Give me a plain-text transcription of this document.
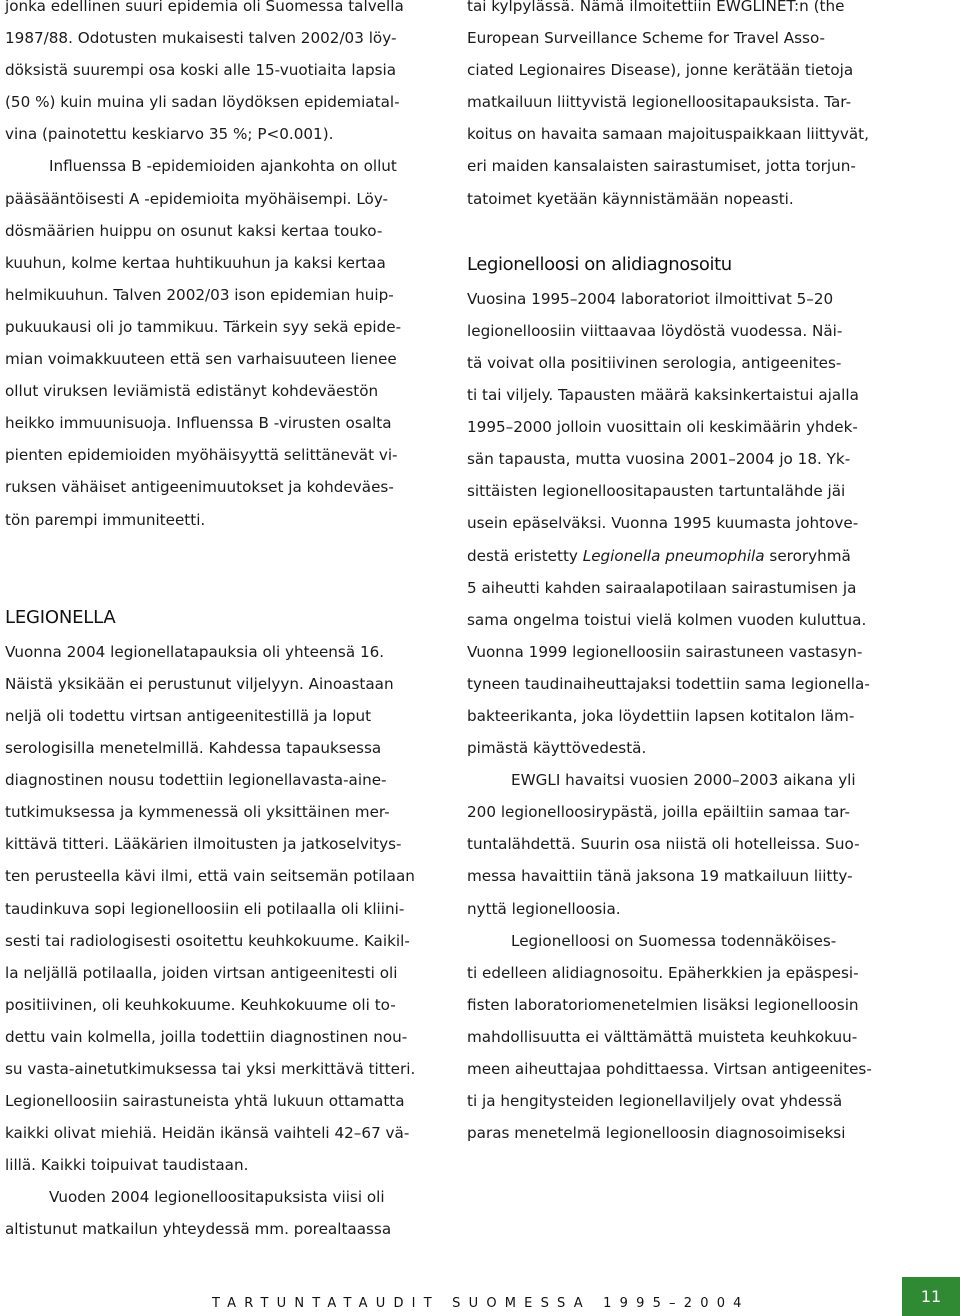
jonka edellinen suuri epidemia oli Suomessa talvella
1987/88. Odotusten mukaisesti talven 2002/03 löy-
döksistä suurempi osa koski alle 15-vuotiaita lapsia
(50 %) kuin muina yli sadan löydöksen epidemiatal-
vina (painotettu keskiarvo 35 %; P<0.001).
Influenssa B -epidemioiden ajankohta on ollut
pääsääntöisesti A -epidemioita myöhäisempi. Löy-
dösmäärien huippu on osunut kaksi kertaa touko-
kuuhun, kolme kertaa huhtikuuhun ja kaksi kertaa
helmikuuhun. Talven 2002/03 ison epidemian huip-
pukuukausi oli jo tammikuu. Tärkein syy sekä epide-
mian voimakkuuteen että sen varhaisuuteen lienee
ollut viruksen leviämistä edistänyt kohdeväestön
heikko immuunisuoja. Influenssa B -virusten osalta
pienten epidemioiden myöhäisyyttä selittänevät vi-
ruksen vähäiset antigeenimuutokset ja kohdeväes-
tön parempi immuniteetti.
LEGIONELLA
Vuonna 2004 legionellatapauksia oli yhteensä 16.
Näistä yksikään ei perustunut viljelyyn. Ainoastaan
neljä oli todettu virtsan antigeenitestillä ja loput
serologisilla menetelmillä. Kahdessa tapauksessa
diagnostinen nousu todettiin legionellavasta-aine-
tutkimuksessa ja kymmenessä oli yksittäinen mer-
kittävä titteri. Lääkärien ilmoitusten ja jatkoselvitys-
ten perusteella kävi ilmi, että vain seitsemän potilaan
taudinkuva sopi legionelloosiin eli potilaalla oli kliini-
sesti tai radiologisesti osoitettu keuhkokuume. Kaikil-
la neljällä potilaalla, joiden virtsan antigeenitesti oli
positiivinen, oli keuhkokuume. Keuhkokuume oli to-
dettu vain kolmella, joilla todettiin diagnostinen nou-
su vasta-ainetutkimuksessa tai yksi merkittävä titteri.
Legionelloosiin sairastuneista yhtä lukuun ottamatta
kaikki olivat miehiä. Heidän ikänsä vaihteli 42–67 vä-
lillä. Kaikki toipuivat taudistaan.
Vuoden 2004 legionelloositapuksista viisi oli
altistunut matkailun yhteydessä mm. porealtaassa
tai kylpylässä. Nämä ilmoitettiin EWGLINET:n (the
European Surveillance Scheme for Travel Asso-
ciated Legionaires Disease), jonne kerätään tietoja
matkailuun liittyvistä legionelloositapauksista. Tar-
koitus on havaita samaan majoituspaikkaan liittyvät,
eri maiden kansalaisten sairastumiset, jotta torjun-
tatoimet kyetään käynnistämään nopeasti.
Legionelloosi on alidiagnosoitu
Vuosina 1995–2004 laboratoriot ilmoittivat 5–20
legionelloosiin viittaavaa löydöstä vuodessa. Näi-
tä voivat olla positiivinen serologia, antigeenites-
ti tai viljely. Tapausten määrä kaksinkertaistui ajalla
1995–2000 jolloin vuosittain oli keskimäärin yhdek-
sän tapausta, mutta vuosina 2001–2004 jo 18. Yk-
sittäisten legionelloositapausten tartuntalähde jäi
usein epäselväksi. Vuonna 1995 kuumasta johtove-
destä eristetty Legionella pneumophila seroryhmä
5 aiheutti kahden sairaalapotilaan sairastumisen ja
sama ongelma toistui vielä kolmen vuoden kuluttua.
Vuonna 1999 legionelloosiin sairastuneen vastasyn-
tyneen taudinaiheuttajaksi todettiin sama legionella-
bakteerikanta, joka löydettiin lapsen kotitalon läm-
pimästä käyttövedestä.
EWGLI havaitsi vuosien 2000–2003 aikana yli
200 legionelloosirypästä, joilla epäiltiin samaa tar-
tuntalähdettä. Suurin osa niistä oli hotelleissa. Suo-
messa havaittiin tänä jaksona 19 matkailuun liitty-
nyttä legionelloosia.
Legionelloosi on Suomessa todennäköises-
ti edelleen alidiagnosoitu. Epäherkkien ja epäspesi-
fisten laboratoriomenetelmien lisäksi legionelloosin
mahdollisuutta ei välttämättä muisteta keuhkokuu-
meen aiheuttajaa pohdittaessa. Virtsan antigeenites-
ti ja hengitysteiden legionellaviljely ovat yhdessä
paras menetelmä legionelloosin diagnosoimiseksi
TARTUNTATAUDIT SUOMESSA 1995–2004	11
